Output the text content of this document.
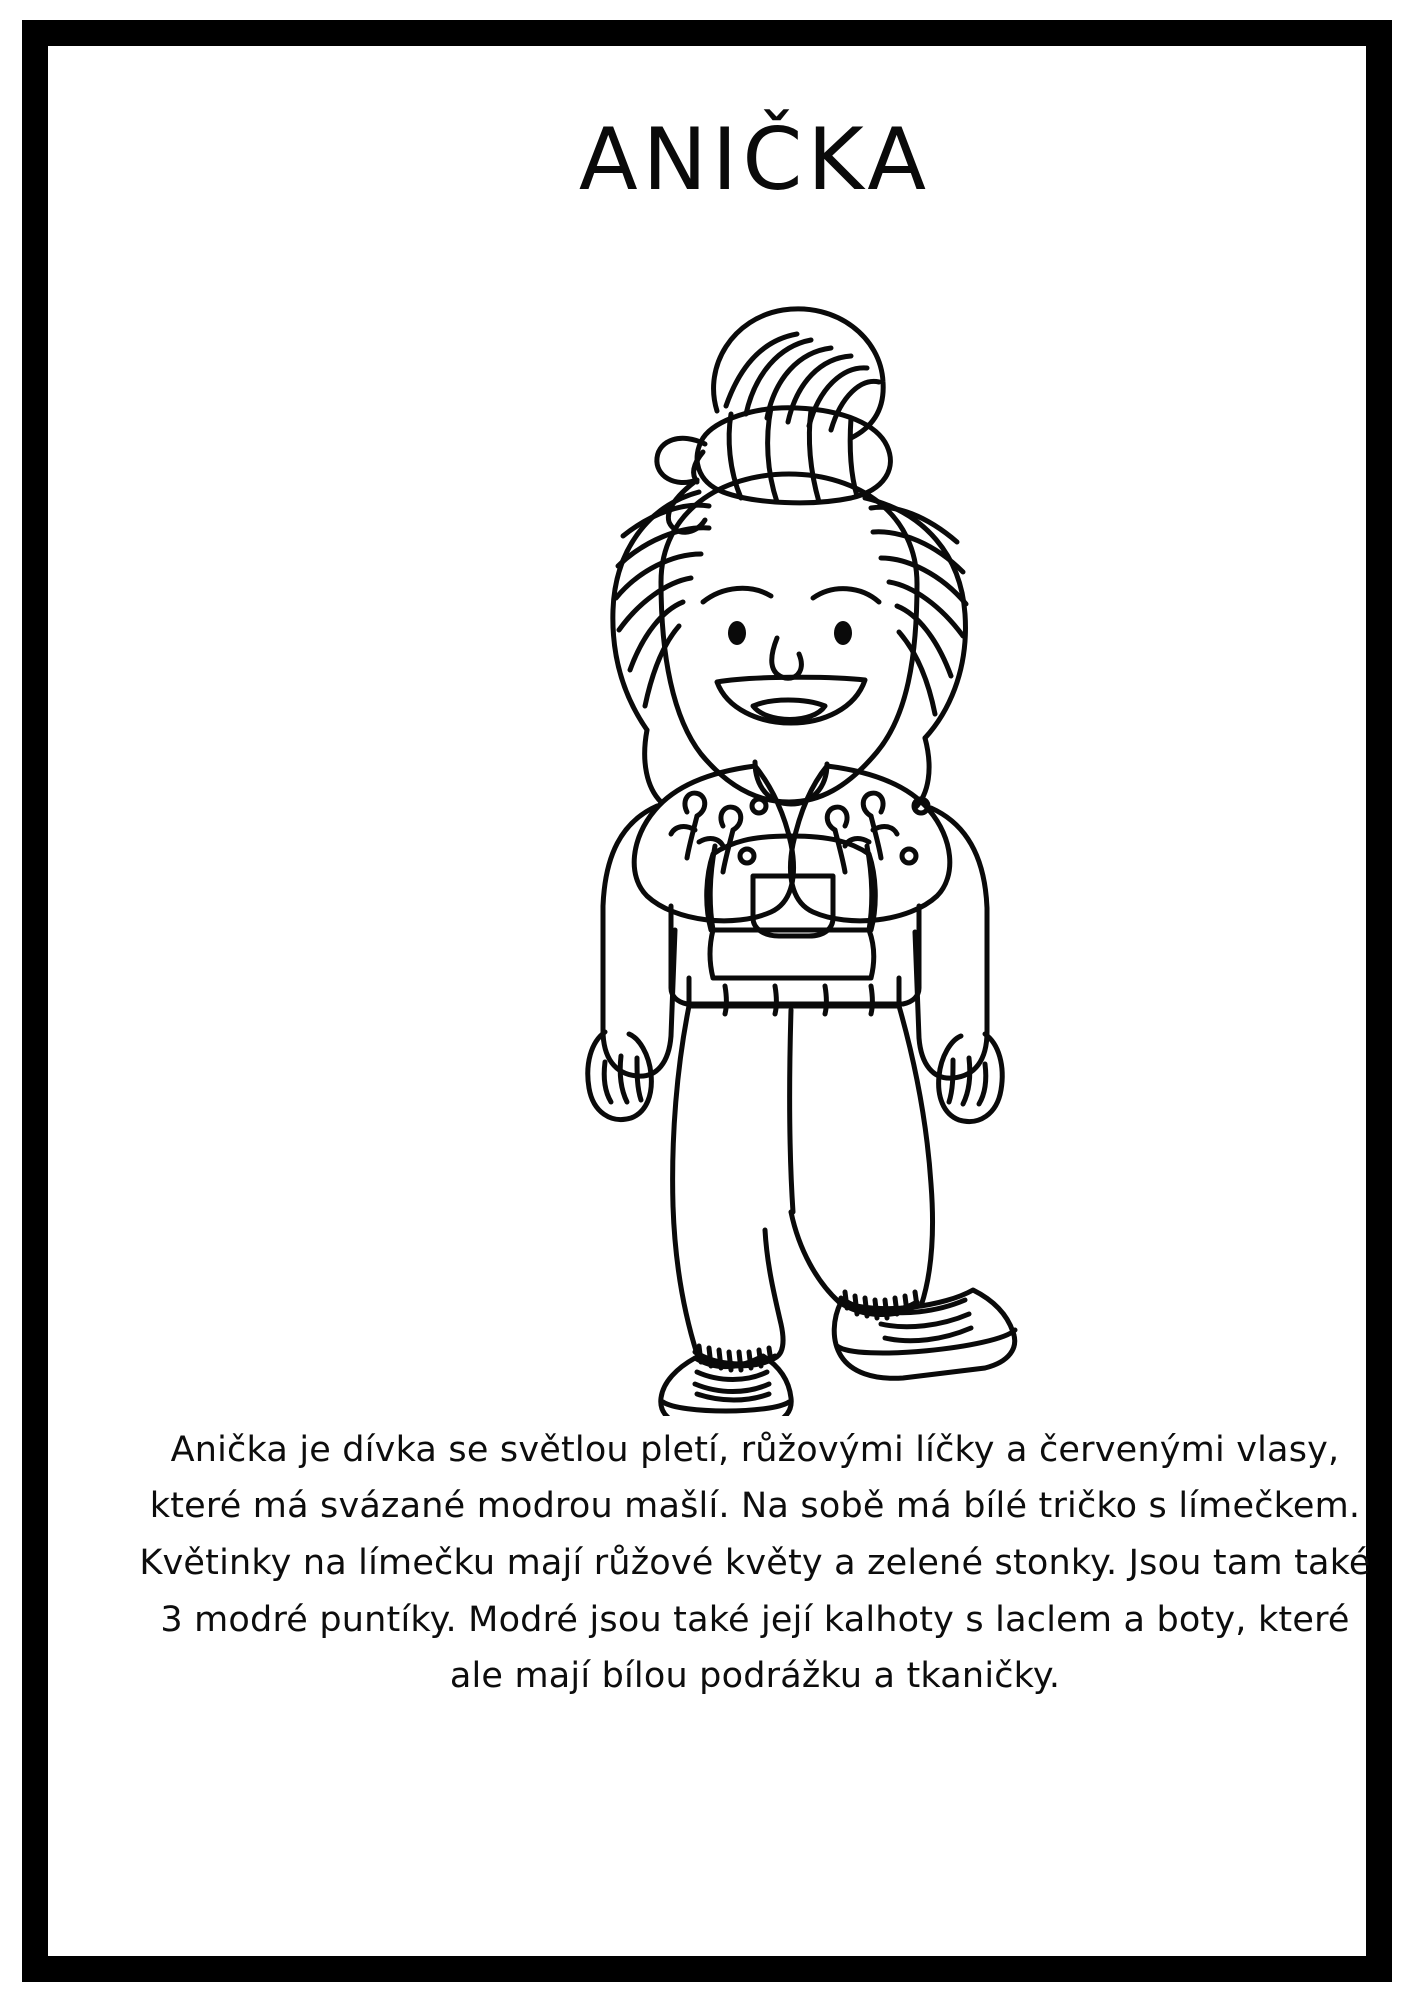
ANIČKA
Anička je dívka se světlou pletí, růžovými líčky a červenými vlasy, které má svázané modrou mašlí. Na sobě má bílé tričko s límečkem. Květinky na límečku mají růžové květy a zelené stonky. Jsou tam také 3 modré puntíky. Modré jsou také její kalhoty s laclem a boty, které ale mají bílou podrážku a tkaničky.
